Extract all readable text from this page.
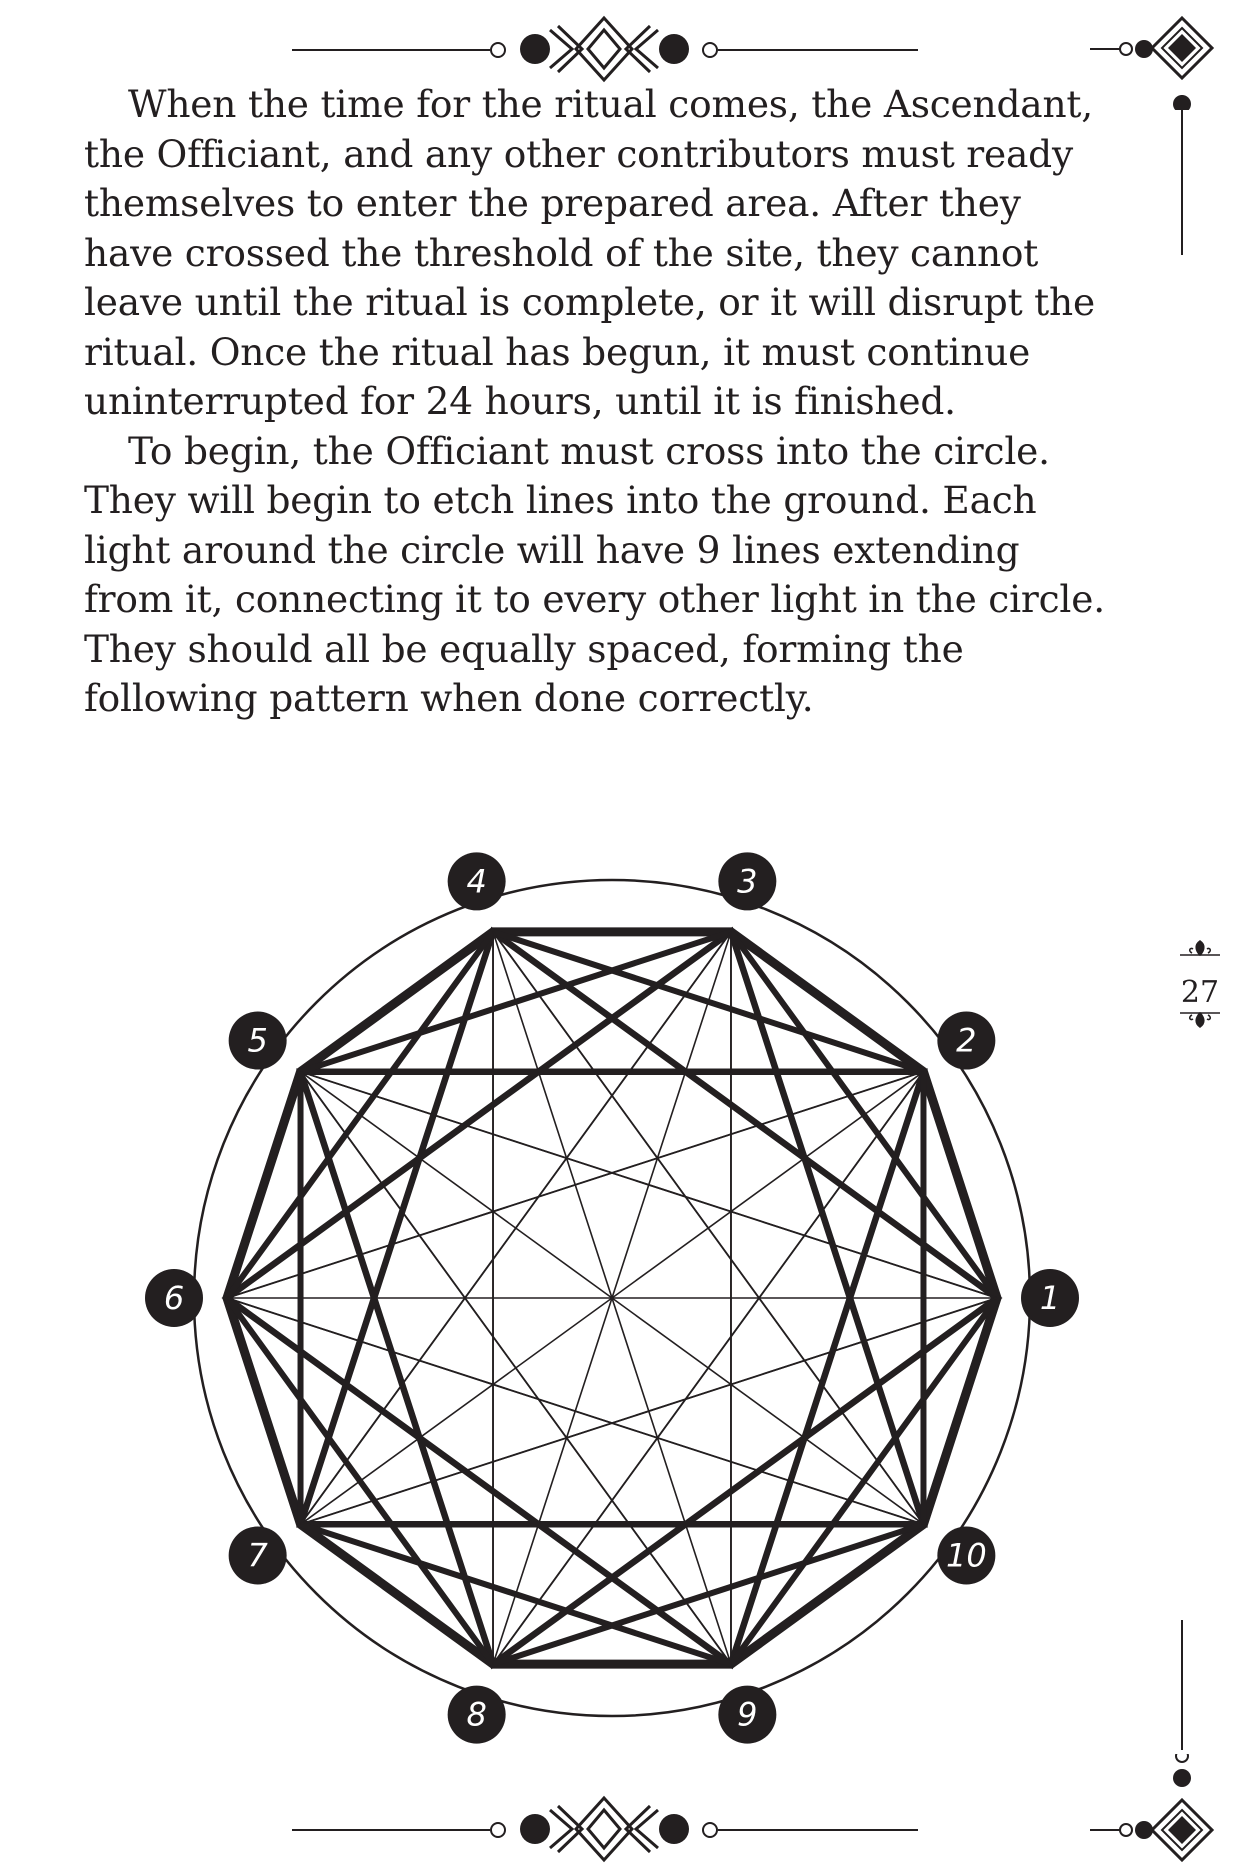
When the time for the ritual comes, the Ascendant, the Officiant, and any other contributors must ready themselves to enter the prepared area. After they have crossed the threshold of the site, they cannot leave until the ritual is complete, or it will disrupt the ritual. Once the ritual has begun, it must continue uninterrupted for 24 hours, until it is finished.

To begin, the Officiant must cross into the circle. They will begin to etch lines into the ground. Each light around the circle will have 9 lines extending from it, connecting it to every other light in the circle. They should all be equally spaced, forming the following pattern when done correctly.

1
2
3
4
5
6
7
8	9
10
27
